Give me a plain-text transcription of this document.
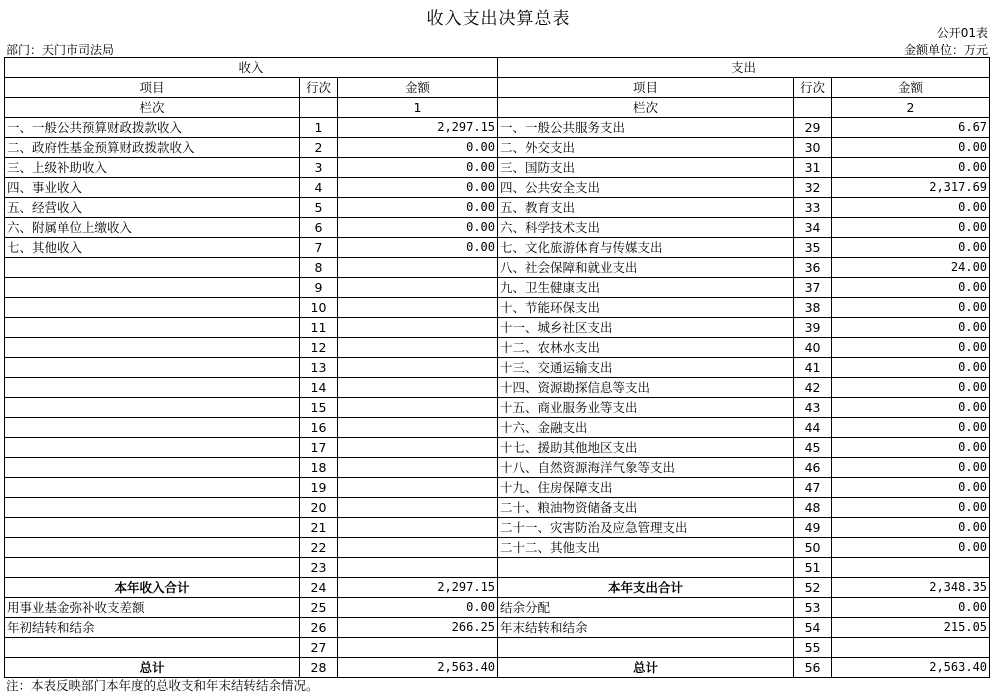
收入支出决算总表
公开01表
部门：天门市司法局	金额单位：万元
收入			支出		
项目	行次	金额	项目	行次	金额
栏次		1	栏次		2
一、一般公共预算财政拨款收入	1	2,297.15	一、一般公共服务支出	29	6.67
二、政府性基金预算财政拨款收入	2	0.00	二、外交支出	30	0.00
三、上级补助收入	3	0.00	三、国防支出	31	0.00
四、事业收入	4	0.00	四、公共安全支出	32	2,317.69
五、经营收入	5	0.00	五、教育支出	33	0.00
六、附属单位上缴收入	6	0.00	六、科学技术支出	34	0.00
七、其他收入	7	0.00	七、文化旅游体育与传媒支出	35	0.00
	8		八、社会保障和就业支出	36	24.00
	9		九、卫生健康支出	37	0.00
	10		十、节能环保支出	38	0.00
	11		十一、城乡社区支出	39	0.00
	12		十二、农林水支出	40	0.00
	13		十三、交通运输支出	41	0.00
	14		十四、资源勘探信息等支出	42	0.00
	15		十五、商业服务业等支出	43	0.00
	16		十六、金融支出	44	0.00
	17		十七、援助其他地区支出	45	0.00
	18		十八、自然资源海洋气象等支出	46	0.00
	19		十九、住房保障支出	47	0.00
	20		二十、粮油物资储备支出	48	0.00
	21		二十一、灾害防治及应急管理支出	49	0.00
	22		二十二、其他支出	50	0.00
	23			51	
本年收入合计	24	2,297.15	本年支出合计	52	2,348.35
用事业基金弥补收支差额	25	0.00	结余分配	53	0.00
年初结转和结余	26	266.25	年末结转和结余	54	215.05
	27			55	
总计	28	2,563.40	总计	56	2,563.40
注：本表反映部门本年度的总收支和年末结转结余情况。
